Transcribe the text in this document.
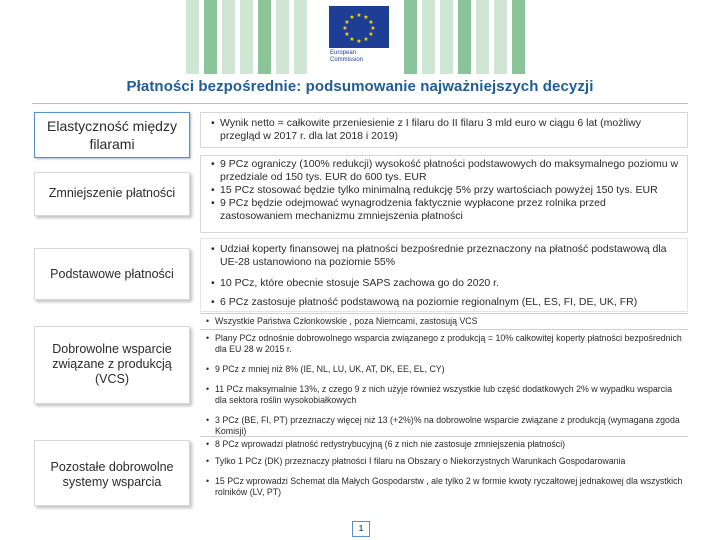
★ ★
★
★
★
★
★
★
★
★
★
★
European
Commission
Płatności bezpośrednie: podsumowanie najważniejszych decyzji
Elastyczność między filarami
Zmniejszenie płatności
Podstawowe płatności
Dobrowolne wsparcie związane z produkcją (VCS)
Pozostałe dobrowolne systemy wsparcia
• Wynik netto = całkowite przeniesienie z I filaru do II filaru 3 mld euro w ciągu 6 lat (możliwy przegląd w 2017 r. dla lat 2018 i 2019)
• 9 PCz ograniczy (100% redukcji) wysokość płatności podstawowych do maksymalnego poziomu w przedziale od 150 tys. EUR do 600 tys. EUR
• 15 PCz stosować będzie tylko minimalną redukcję 5% przy wartościach powyżej 150 tys. EUR
• 9 PCz będzie odejmować wynagrodzenia faktycznie wypłacone przez rolnika przed zastosowaniem mechanizmu zmniejszenia płatności
• Udział koperty finansowej na płatności bezpośrednie przeznaczony na płatność podstawową dla UE-28 ustanowiono na poziomie 55%
• 10 PCz, które obecnie stosuje SAPS zachowa go do 2020 r.
• 6 PCz zastosuje płatność podstawową na poziomie regionalnym (EL, ES, FI, DE, UK, FR)
• Wszystkie Państwa Członkowskie , poza Niemcami, zastosują VCS
• Plany PCz odnośnie dobrowolnego wsparcia związanego z produkcją = 10% całkowitej koperty płatności bezpośrednich dla EU 28 w 2015 r.
• 9 PCz z mniej niż 8% (IE, NL, LU, UK, AT, DK, EE, EL, CY)
• 11 PCz maksymalnie 13%, z czego 9 z nich użyje również wszystkie lub część dodatkowych 2% w wypadku wsparcia dla sektora roślin wysokobiałkowych
• 3 PCz (BE, FI, PT) przeznaczy więcej niż 13 (+2%)% na dobrowolne wsparcie związane z produkcją (wymagana zgoda Komisji)
• 8 PCz wprowadzi płatność redystrybucyjną (6 z nich nie zastosuje zmniejszenia płatności)
• Tylko 1 PCz (DK) przeznaczy płatności I filaru na Obszary o Niekorzystnych Warunkach Gospodarowania
• 15 PCz wprowadzi Schemat dla Małych Gospodarstw , ale tylko 2 w formie kwoty ryczałtowej jednakowej dla wszystkich rolników (LV, PT)
1
